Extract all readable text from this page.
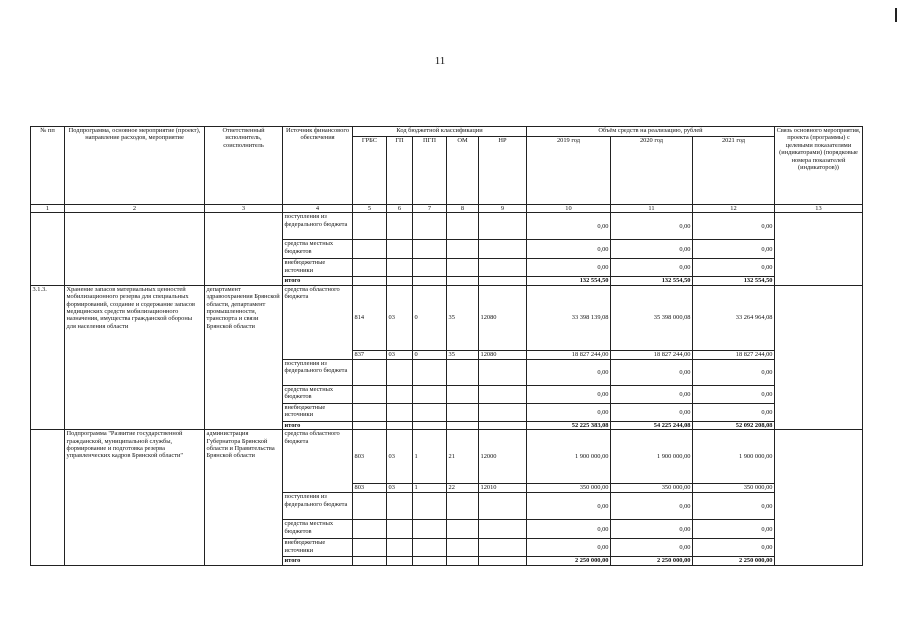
11
№ пп	Подпрограмма, основное мероприятие (проект), направление расходов, мероприятие	Ответственный исполнитель, соисполнитель	Источник финансового обеспечения	Код бюджетной классификации					Объём средств на реализацию, рублей			Связь основного мероприятия, проекта (программы) с целевыми показателями (индикаторами) (порядковые номера показателей (индикаторов))
				ГРБС	ГП	ПГП	ОМ	НР	2019 год	2020 год	2021 год	
1	2	3	4	5	6	7	8	9	10	11	12	13
			поступления из федерального бюджета						0,00	0,00	0,00	
			средства местных бюджетов						0,00	0,00	0,00	
			внебюджетные источники						0,00	0,00	0,00	
			итого						132 554,50	132 554,50	132 554,50	
3.1.3.	Хранение запасов материальных ценностей мобилизационного резерва для специальных формирований, создание и содержание запасов медицинских средств мобилизационного назначения, имущества гражданской обороны для населения области	департамент здравоохранения Брянской области, департамент промышленности, транспорта и связи Брянской области	средства областного бюджета	814	03	0	35	12080	33 398 139,08	35 398 000,08	33 264 964,08	
				837	03	0	35	12080	18 827 244,00	18 827 244,00	18 827 244,00	
			поступления из федерального бюджета						0,00	0,00	0,00	
			средства местных бюджетов						0,00	0,00	0,00	
			внебюджетные источники						0,00	0,00	0,00	
			итого						52 225 383,08	54 225 244,08	52 092 208,08	
	Подпрограмма "Развитие государственной гражданской, муниципальной службы, формирование и подготовка резерва управленческих кадров Брянской области"	администрация Губернатора Брянской области и Правительства Брянской области	средства областного бюджета	803	03	1	21	12000	1 900 000,00	1 900 000,00	1 900 000,00	
				803	03	1	22	12010	350 000,00	350 000,00	350 000,00	
			поступления из федерального бюджета						0,00	0,00	0,00	
			средства местных бюджетов						0,00	0,00	0,00	
			внебюджетные источники						0,00	0,00	0,00	
			итого						2 250 000,00	2 250 000,00	2 250 000,00	
